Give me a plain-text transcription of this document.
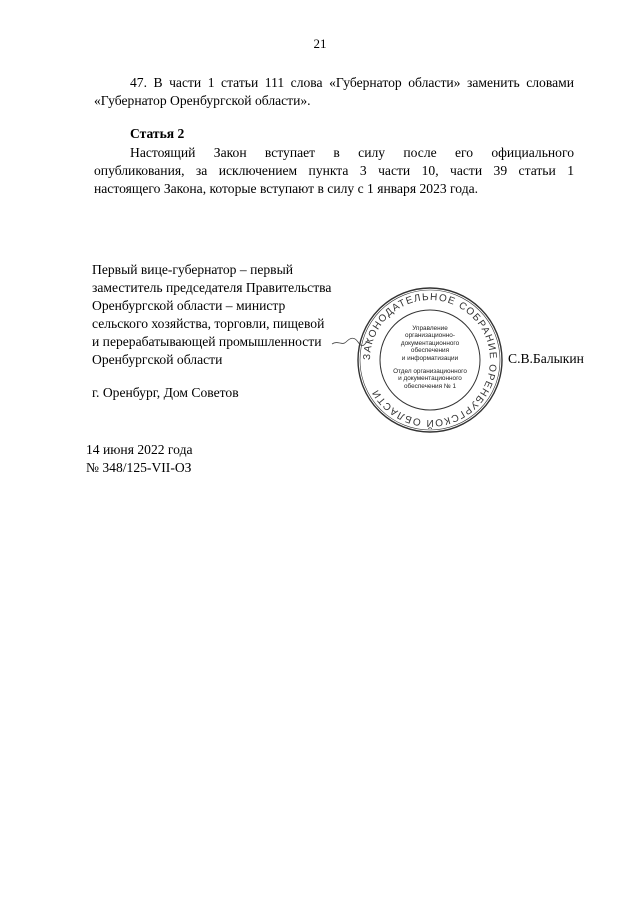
21
47. В части 1 статьи 111 слова «Губернатор области» заменить словами
«Губернатор Оренбургской области».
Статья 2
Настоящий Закон вступает в силу после его официального
опубликования, за исключением пункта 3 части 10, части 39 статьи 1
настоящего Закона, которые вступают в силу с 1 января 2023 года.
Первый вице-губернатор – первый
заместитель председателя Правительства
Оренбургской области – министр
сельского хозяйства, торговли, пищевой
и перерабатывающей промышленности
Оренбургской области	ЗАКОНОДАТЕЛЬНОЕ СОБРАНИЕ ОРЕНБУРГСКОЙ ОБЛАСТИ
Управление
организационно-
документационного
обеспечения
и информатизации
Отдел организационного
и документационного
обеспечения № 1
С.В.Балыкин
г. Оренбург, Дом Советов
14 июня 2022 года
№ 348/125-VII-ОЗ
